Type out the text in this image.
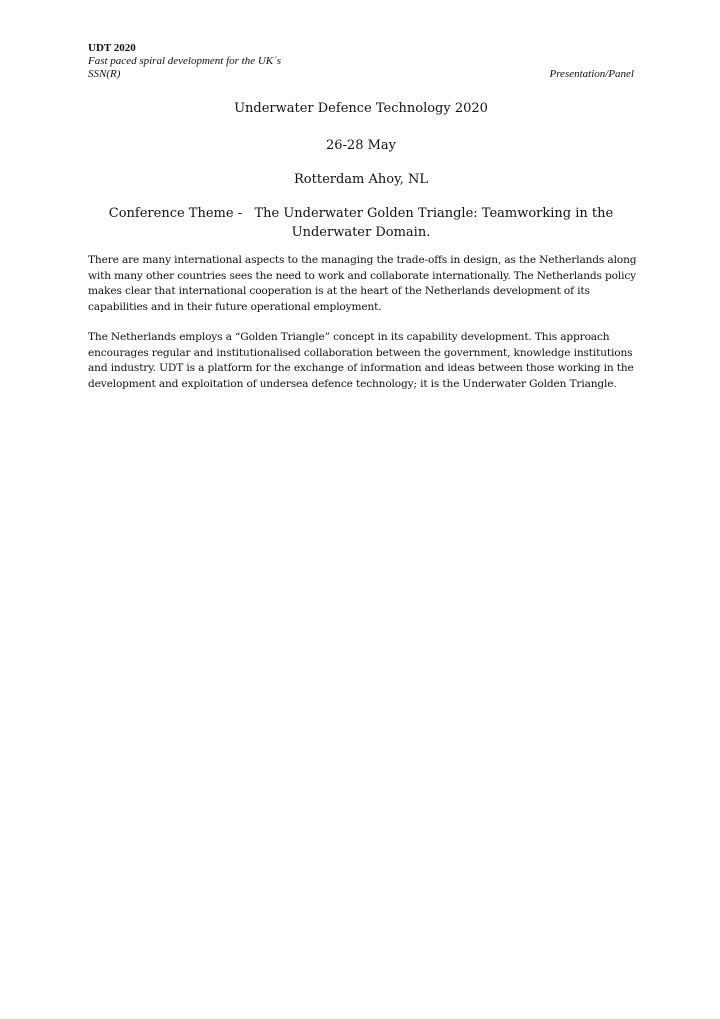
UDT 2020
Fast paced spiral development for the UK´s
SSN(R)	Presentation/Panel
Underwater Defence Technology 2020
26-28 May
Rotterdam Ahoy, NL
Conference Theme -   The Underwater Golden Triangle: Teamworking in the
Underwater Domain.

There are many international aspects to the managing the trade-offs in design, as the Netherlands along with many other countries sees the need to work and collaborate internationally. The Netherlands policy makes clear that international cooperation is at the heart of the Netherlands development of its capabilities and in their future operational employment.

The Netherlands employs a “Golden Triangle” concept in its capability development. This approach encourages regular and institutionalised collaboration between the government, knowledge institutions and industry. UDT is a platform for the exchange of information and ideas between those working in the development and exploitation of undersea defence technology; it is the Underwater Golden Triangle.
